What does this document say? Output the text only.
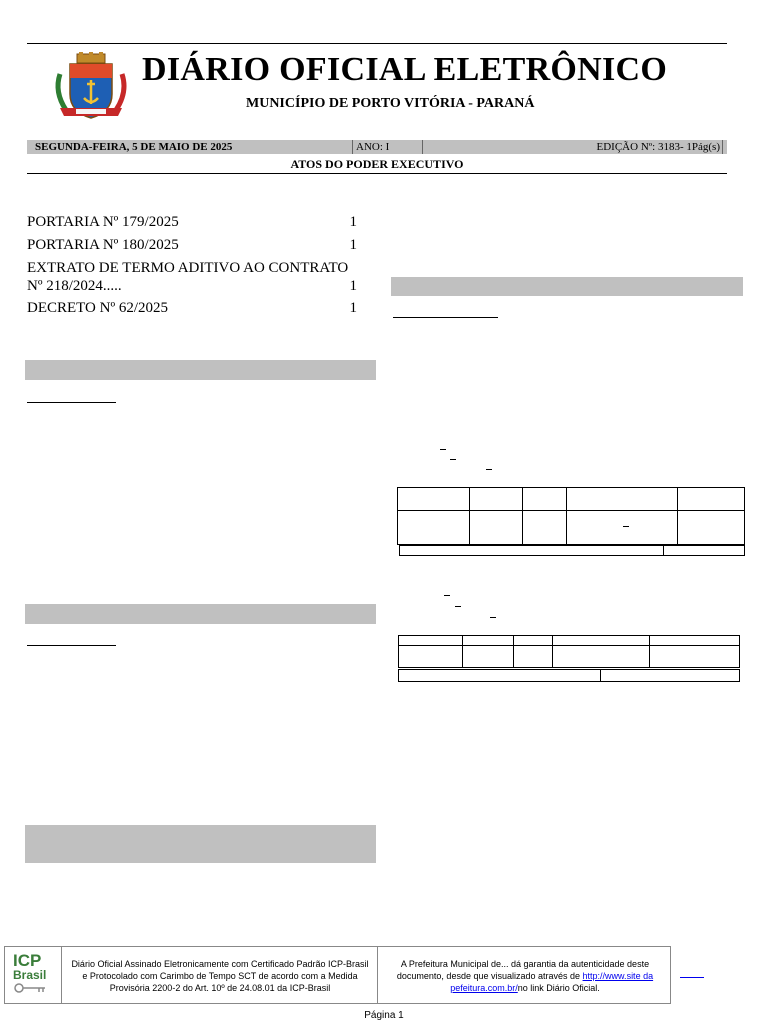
DIÁRIO OFICIAL ELETRÔNICO
MUNICÍPIO DE PORTO VITÓRIA - PARANÁ
SEGUNDA-FEIRA, 5 DE MAIO DE 2025	ANO: I	EDIÇÃO Nº: 3183- 1Pág(s)
ATOS DO PODER EXECUTIVO
PORTARIA Nº 179/2025	1
PORTARIA Nº 180/2025	1
EXTRATO DE TERMO ADITIVO AO CONTRATO
Nº 218/2024.....	1
DECRETO Nº 62/2025	1

ICP
Brasil
Diário Oficial Assinado Eletronicamente com Certificado Padrão ICP-Brasil e Protocolado com Carimbo de Tempo SCT de acordo com a Medida Provisória 2200-2 do Art. 10º de 24.08.01 da ICP-Brasil
A Prefeitura Municipal de... dá garantia da autenticidade deste documento, desde que visualizado através de http://www.site da pefeitura.com.br/no link Diário Oficial.
Página 1
